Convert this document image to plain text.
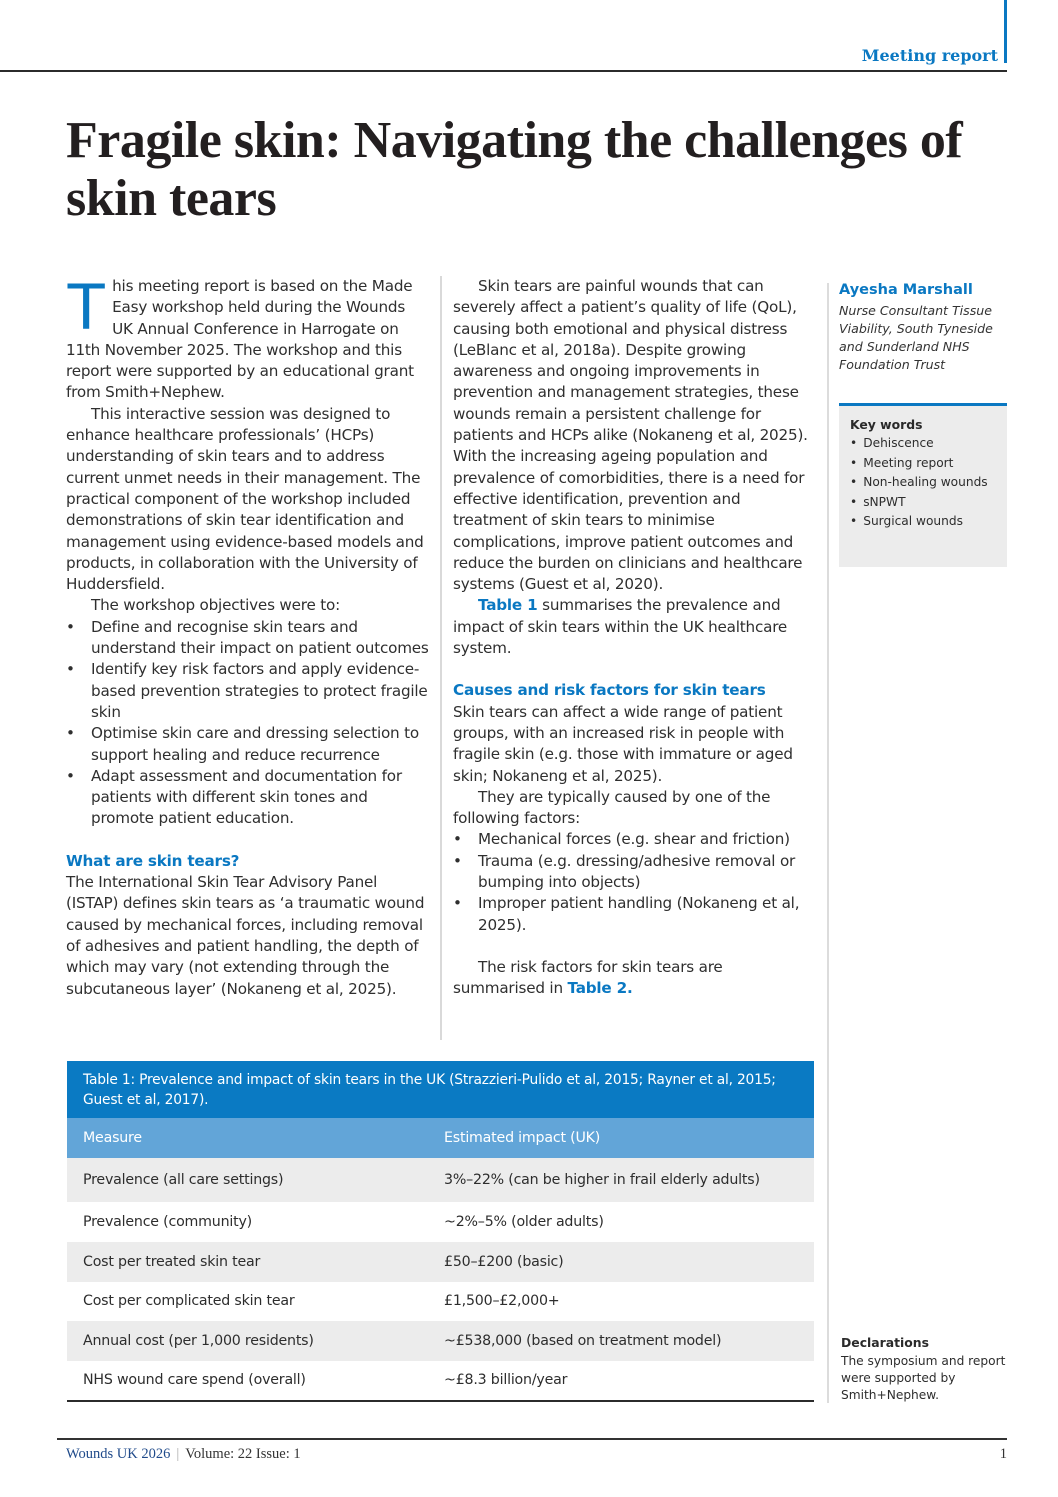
Meeting report
Fragile skin: Navigating the challenges of skin tears

This meeting report is based on the Made Easy workshop held during the Wounds UK Annual Conference in Harrogate on 11th November 2025. The workshop and this report were supported by an educational grant from Smith+Nephew.

This interactive session was designed to enhance healthcare professionals’ (HCPs) understanding of skin tears and to address current unmet needs in their management. The practical component of the workshop included demonstrations of skin tear identification and management using evidence-based models and products, in collaboration with the University of Huddersfield.

The workshop objectives were to:

• Define and recognise skin tears and understand their impact on patient outcomes
• Identify key risk factors and apply evidence-based prevention strategies to protect fragile skin
• Optimise skin care and dressing selection to support healing and reduce recurrence
• Adapt assessment and documentation for patients with different skin tones and promote patient education.
What are skin tears?

The International Skin Tear Advisory Panel (ISTAP) defines skin tears as ‘a traumatic wound caused by mechanical forces, including removal of adhesives and patient handling, the depth of which may vary (not extending through the subcutaneous layer’ (Nokaneng et al, 2025).

Skin tears are painful wounds that can severely affect a patient’s quality of life (QoL), causing both emotional and physical distress (LeBlanc et al, 2018a). Despite growing awareness and ongoing improvements in prevention and management strategies, these wounds remain a persistent challenge for patients and HCPs alike (Nokaneng et al, 2025). With the increasing ageing population and prevalence of comorbidities, there is a need for effective identification, prevention and treatment of skin tears to minimise complications, improve patient outcomes and reduce the burden on clinicians and healthcare systems (Guest et al, 2020).

Table 1 summarises the prevalence and impact of skin tears within the UK healthcare system.

Causes and risk factors for skin tears

Skin tears can affect a wide range of patient groups, with an increased risk in people with fragile skin (e.g. those with immature or aged skin; Nokaneng et al, 2025).

They are typically caused by one of the following factors:

• Mechanical forces (e.g. shear and friction)
• Trauma (e.g. dressing/adhesive removal or bumping into objects)
• Improper patient handling (Nokaneng et al, 2025).

The risk factors for skin tears are summarised in Table 2.

Ayesha Marshall
Nurse Consultant Tissue Viability, South Tyneside and Sunderland NHS Foundation Trust
Key words
• Dehiscence
• Meeting report
• Non-healing wounds
• sNPWT
• Surgical wounds
Declarations
The symposium and report were supported by Smith+Nephew.
Table 1: Prevalence and impact of skin tears in the UK (Strazzieri-Pulido et al, 2015; Rayner et al, 2015; Guest et al, 2017).
Measure	Estimated impact (UK)
Prevalence (all care settings)	3%–22% (can be higher in frail elderly adults)
Prevalence (community)	~2%–5% (older adults)
Cost per treated skin tear	£50–£200 (basic)
Cost per complicated skin tear	£1,500–£2,000+
Annual cost (per 1,000 residents)	~£538,000 (based on treatment model)
NHS wound care spend (overall)	~£8.3 billion/year
Wounds UK 2026 | Volume: 22 Issue: 1	1
